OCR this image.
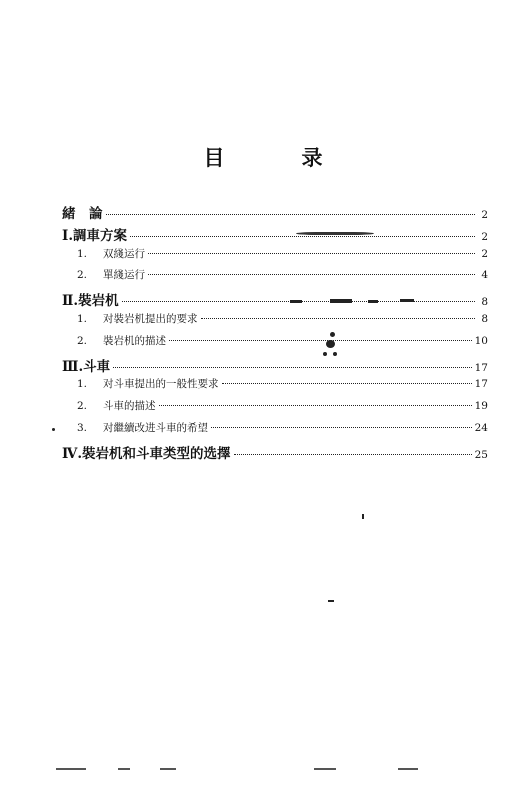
目　录
緒　論	2
Ⅰ. 調車方案	2
1.	双綫运行	2
2.	單綫运行	4
Ⅱ. 裝岩机	8
1.	对裝岩机提出的要求	8
2.	裝岩机的描述	10
Ⅲ. 斗車	17
1.	对斗車提出的一般性要求	17
2.	斗車的描述	19
3.	对繼續改进斗車的希望	24
Ⅳ. 裝岩机和斗車类型的选擇	25
